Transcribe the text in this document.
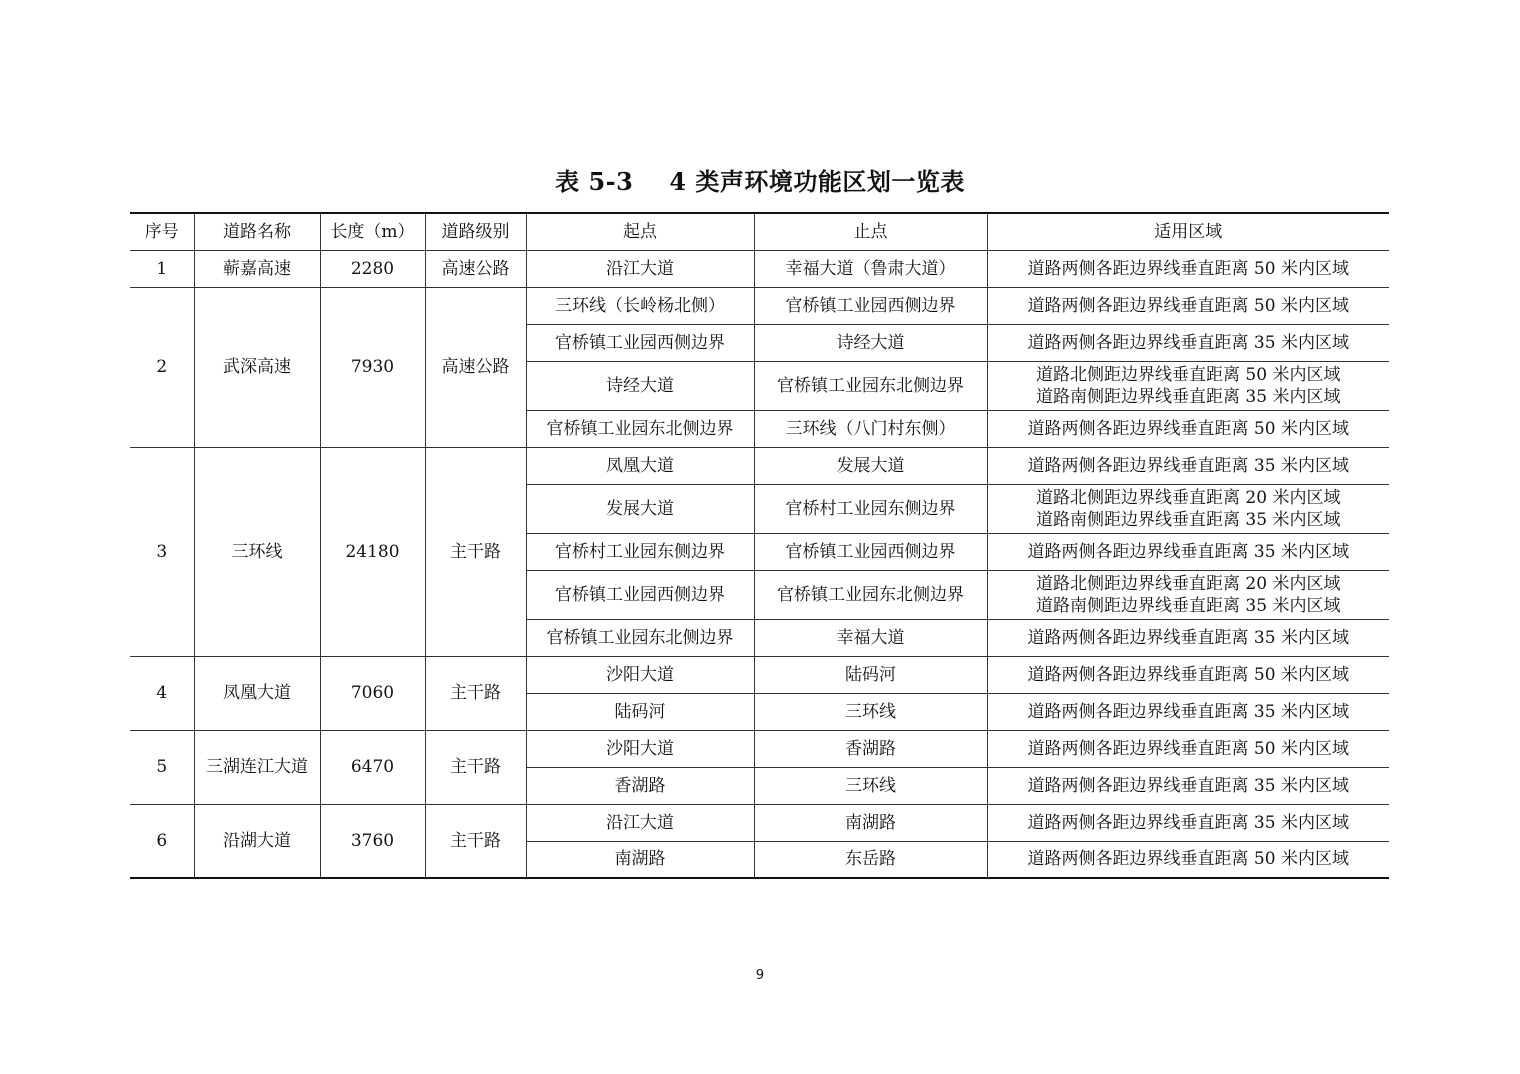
表 5-3 4 类声环境功能区划一览表
序号	道路名称	长度（m）	道路级别	起点	止点	适用区域
1	蕲嘉高速	2280	高速公路	沿江大道	幸福大道（鲁肃大道）	道路两侧各距边界线垂直距离 50 米内区域

2	武深高速	7930	高速公路	三环线（长岭杨北侧）	官桥镇工业园西侧边界	道路两侧各距边界线垂直距离 50 米内区域

				官桥镇工业园西侧边界	诗经大道	道路两侧各距边界线垂直距离 35 米内区域

				诗经大道	官桥镇工业园东北侧边界	道路北侧距边界线垂直距离 50 米内区域
道路南侧距边界线垂直距离 35 米内区域

				官桥镇工业园东北侧边界	三环线（八门村东侧）	道路两侧各距边界线垂直距离 50 米内区域

3	三环线	24180	主干路	凤凰大道	发展大道	道路两侧各距边界线垂直距离 35 米内区域

				发展大道	官桥村工业园东侧边界	道路北侧距边界线垂直距离 20 米内区域
道路南侧距边界线垂直距离 35 米内区域

				官桥村工业园东侧边界	官桥镇工业园西侧边界	道路两侧各距边界线垂直距离 35 米内区域

				官桥镇工业园西侧边界	官桥镇工业园东北侧边界	道路北侧距边界线垂直距离 20 米内区域
道路南侧距边界线垂直距离 35 米内区域

				官桥镇工业园东北侧边界	幸福大道	道路两侧各距边界线垂直距离 35 米内区域

4	凤凰大道	7060	主干路	沙阳大道	陆码河	道路两侧各距边界线垂直距离 50 米内区域

				陆码河	三环线	道路两侧各距边界线垂直距离 35 米内区域

5	三湖连江大道	6470	主干路	沙阳大道	香湖路	道路两侧各距边界线垂直距离 50 米内区域

				香湖路	三环线	道路两侧各距边界线垂直距离 35 米内区域

6	沿湖大道	3760	主干路	沿江大道	南湖路	道路两侧各距边界线垂直距离 35 米内区域

				南湖路	东岳路	道路两侧各距边界线垂直距离 50 米内区域
9
